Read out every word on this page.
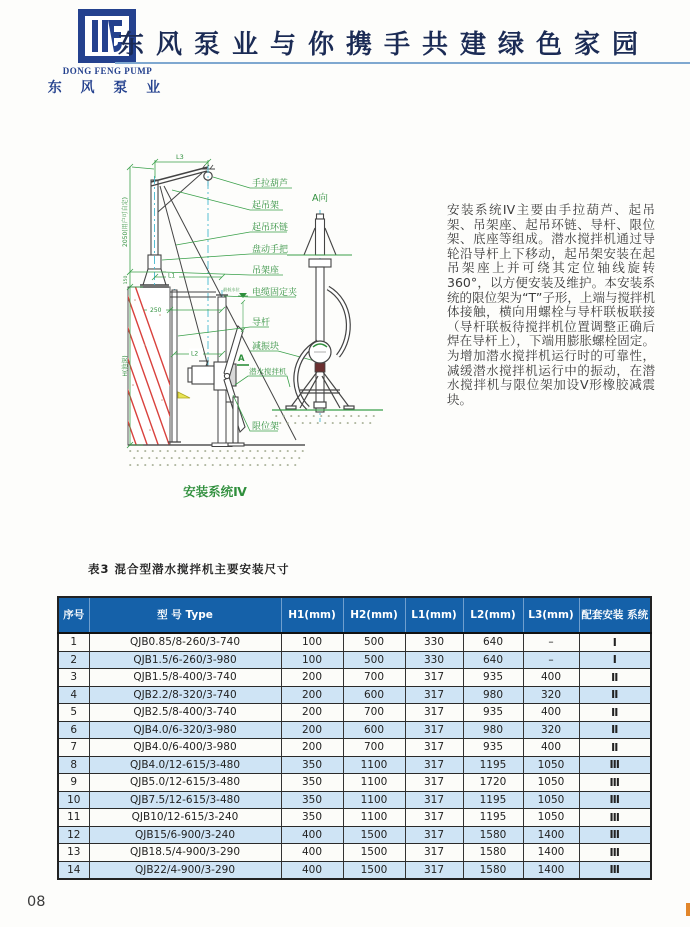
DONG FENG PUMP
东 风 泵 业
东风泵业与你携手共建绿色家园
L3
L1
250
L2
2050(用户可自定)
150
H(池深)
最低水位
手拉葫芦
起吊架
起吊环链
盘动手把
吊架座
电缆固定夹
导杆
减振块
潜水搅拌机
限位架
A
A向
安装系统Ⅳ
安装系统IV主要由手拉葫芦、起吊架、吊架座、起吊环链、导杆、限位架、底座等组成。潜水搅拌机通过导轮沿导杆上下移动，起吊架安装在起吊架座上并可绕其定位轴线旋转360°，以方便安装及维护。本安装系统的限位架为“T”子形，上端与搅拌机体接触，横向用螺栓与导杆联板联接（导杆联板待搅拌机位置调整正确后焊在导杆上），下端用膨胀螺栓固定。为增加潜水搅拌机运行时的可靠性，减缓潜水搅拌机运行中的振动，在潜水搅拌机与限位架加设V形橡胶减震块。
表3 混合型潜水搅拌机主要安装尺寸
序号	型 号 Type	H1(mm)	H2(mm)	L1(mm)	L2(mm)	L3(mm)	配套安装 系统
1	QJB0.85/8-260/3-740	100	500	330	640	–	Ⅰ
2	QJB1.5/6-260/3-980	100	500	330	640	–	Ⅰ
3	QJB1.5/8-400/3-740	200	700	317	935	400	Ⅱ
4	QJB2.2/8-320/3-740	200	600	317	980	320	Ⅱ
5	QJB2.5/8-400/3-740	200	700	317	935	400	Ⅱ
6	QJB4.0/6-320/3-980	200	600	317	980	320	Ⅱ
7	QJB4.0/6-400/3-980	200	700	317	935	400	Ⅱ
8	QJB4.0/12-615/3-480	350	1100	317	1195	1050	Ⅲ
9	QJB5.0/12-615/3-480	350	1100	317	1720	1050	Ⅲ
10	QJB7.5/12-615/3-480	350	1100	317	1195	1050	Ⅲ
11	QJB10/12-615/3-240	350	1100	317	1195	1050	Ⅲ
12	QJB15/6-900/3-240	400	1500	317	1580	1400	Ⅲ
13	QJB18.5/4-900/3-290	400	1500	317	1580	1400	Ⅲ
14	QJB22/4-900/3-290	400	1500	317	1580	1400	Ⅲ
08
